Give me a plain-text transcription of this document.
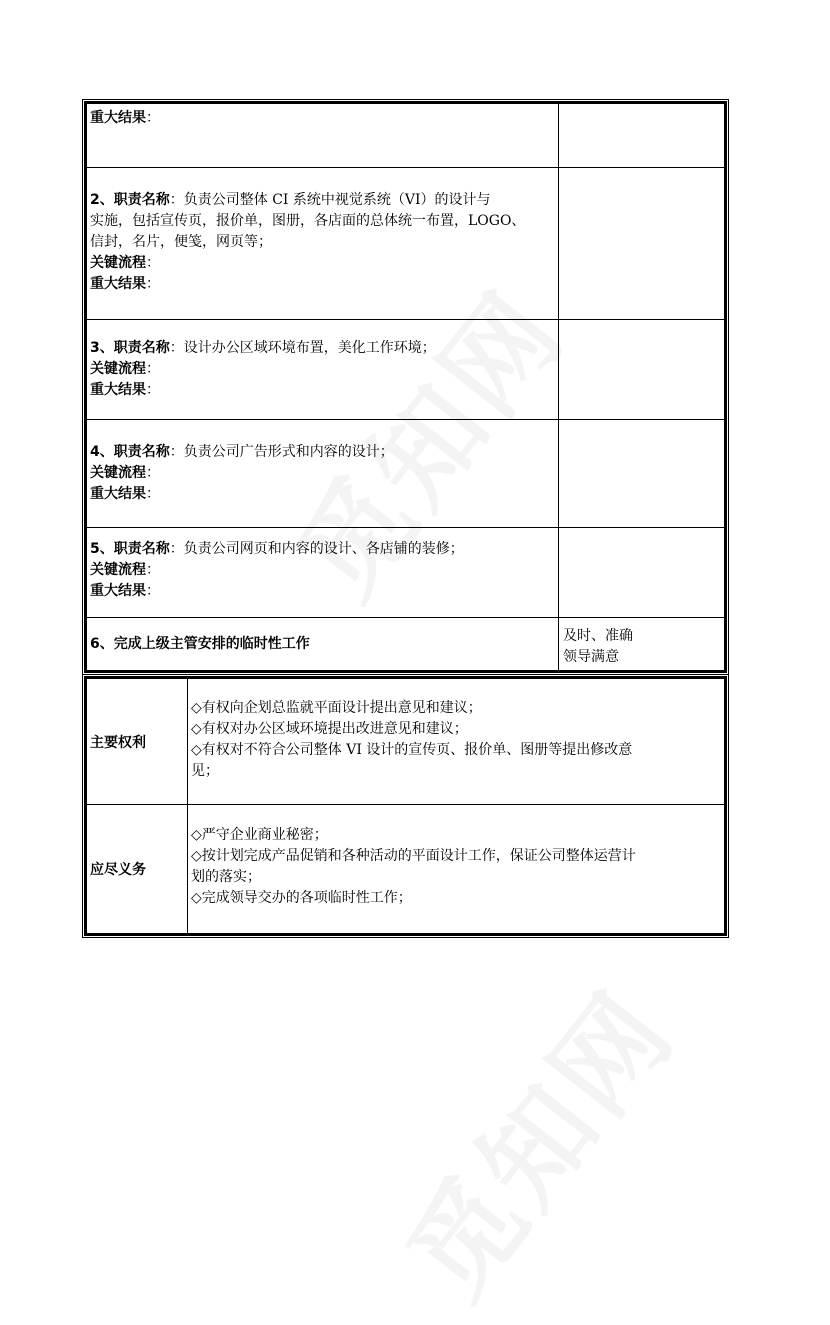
重大结果：
2、职责名称：负责公司整体 CI 系统中视觉系统（VI）的设计与
实施，包括宣传页，报价单，图册，各店面的总体统一布置，LOGO、
信封，名片，便笺，网页等；
关键流程：
重大结果：
3、职责名称：设计办公区域环境布置，美化工作环境；
关键流程：
重大结果：
4、职责名称：负责公司广告形式和内容的设计；
关键流程：
重大结果：
5、职责名称：负责公司网页和内容的设计、各店铺的装修；
关键流程：
重大结果：
6、完成上级主管安排的临时性工作	及时、准确
领导满意
主要权利
◇有权向企划总监就平面设计提出意见和建议；
◇有权对办公区域环境提出改进意见和建议；
◇有权对不符合公司整体 VI 设计的宣传页、报价单、图册等提出修改意
见；
应尽义务
◇严守企业商业秘密；
◇按计划完成产品促销和各种活动的平面设计工作，保证公司整体运营计
划的落实；
◇完成领导交办的各项临时性工作；
